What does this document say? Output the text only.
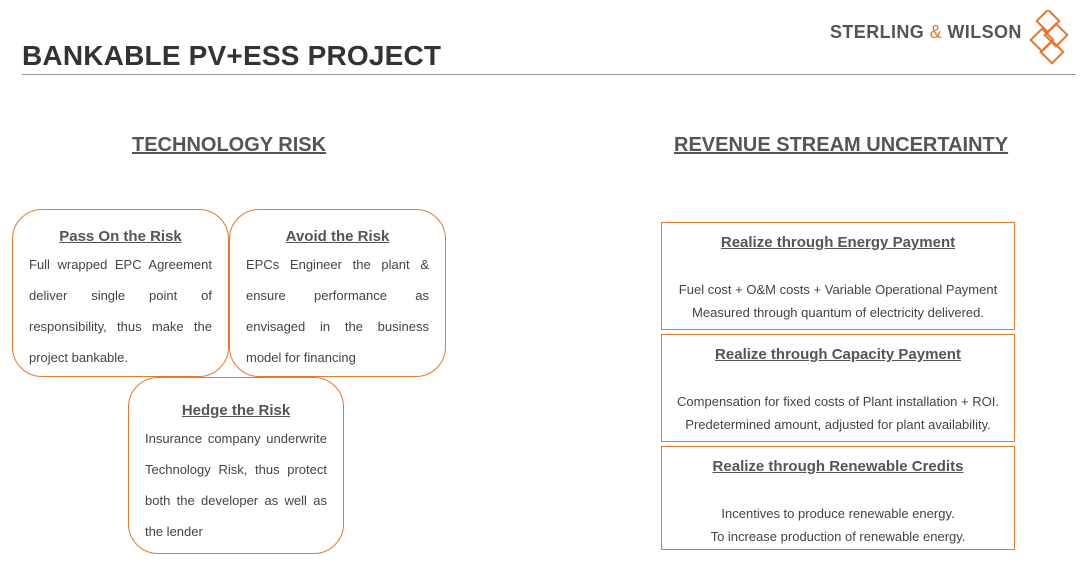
BANKABLE PV+ESS PROJECT
STERLING & WILSON
TECHNOLOGY RISK	REVENUE STREAM UNCERTAINTY
Pass On the Risk
Full wrapped EPC Agreement deliver single point of responsibility, thus make the project bankable.
Avoid the Risk
EPCs Engineer the plant & ensure performance as envisaged in the business model for financing
Hedge the Risk
Insurance company underwrite Technology Risk, thus protect both the developer as well as the lender
Realize through Energy Payment
Fuel cost + O&M costs + Variable Operational Payment
Measured through quantum of electricity delivered.
Realize through Capacity Payment
Compensation for fixed costs of Plant installation + ROI.
Predetermined amount, adjusted for plant availability.
Realize through Renewable Credits
Incentives to produce renewable energy.
To increase production of renewable energy.
